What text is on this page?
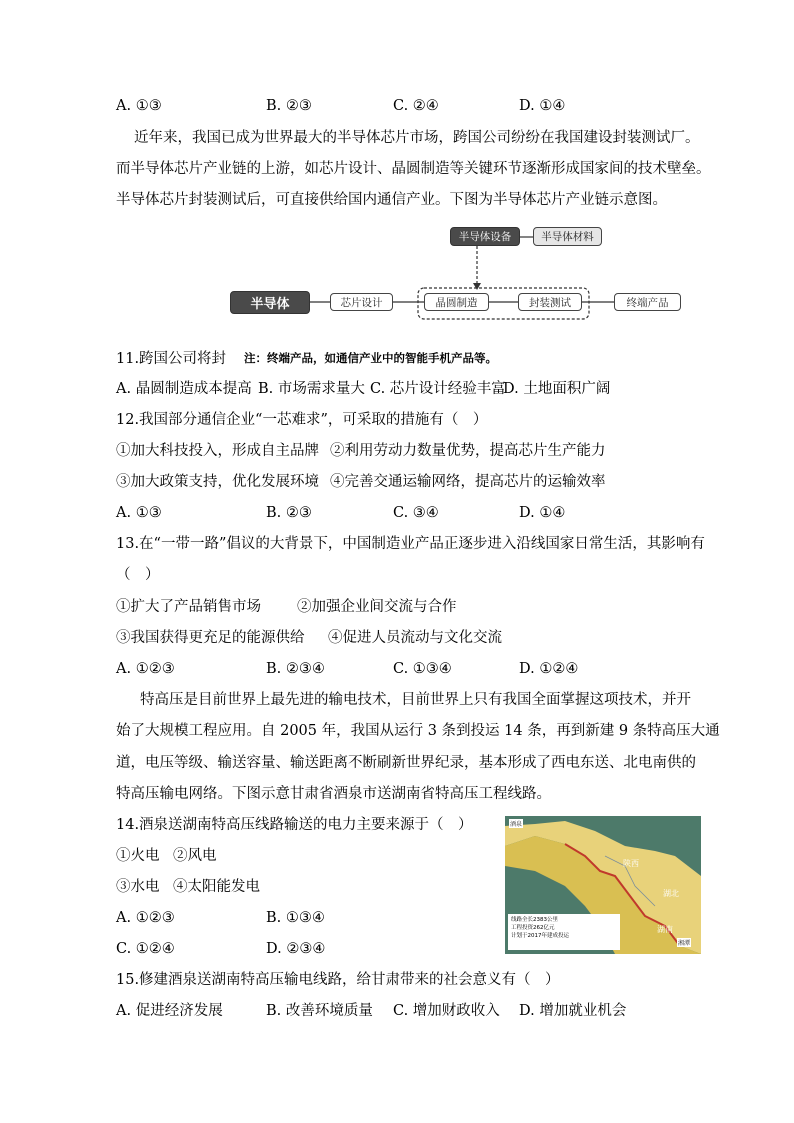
A. ①③	B. ②③	C. ②④	D. ①④
近年来，我国已成为世界最大的半导体芯片市场，跨国公司纷纷在我国建设封装测试厂。
而半导体芯片产业链的上游，如芯片设计、晶圆制造等关键环节逐渐形成国家间的技术壁垒。
半导体芯片封装测试后，可直接供给国内通信产业。下图为半导体芯片产业链示意图。
半导体设备	半导体材料
半导体	芯片设计	晶圆制造	封装测试	终端产品
11.跨国公司将封 注：终端产品，如通信产业中的智能手机产品等。
A. 晶圆制造成本提高 B. 市场需求量大 C. 芯片设计经验丰富
D. 土地面积广阔
12.我国部分通信企业“一芯难求”，可采取的措施有（　）
①加大科技投入，形成自主品牌 ②利用劳动力数量优势，提高芯片生产能力
③加大政策支持，优化发展环境 ④完善交通运输网络，提高芯片的运输效率
A. ①③	B. ②③	C. ③④	D. ①④
13.在“一带一路”倡议的大背景下，中国制造业产品正逐步进入沿线国家日常生活，其影响有
（　）
①扩大了产品销售市场 ②加强企业间交流与合作
③我国获得更充足的能源供给 ④促进人员流动与文化交流
A. ①②③	B. ②③④	C. ①③④	D. ①②④
特高压是目前世界上最先进的输电技术，目前世界上只有我国全面掌握这项技术，并开
始了大规模工程应用。自 2005 年，我国从运行 3 条到投运 14 条，再到新建 9 条特高压大通
道，电压等级、输送容量、输送距离不断刷新世界纪录，基本形成了西电东送、北电南供的
特高压输电网络。下图示意甘肃省酒泉市送湖南省特高压工程线路。
14.酒泉送湖南特高压线路输送的电力主要来源于（　）
①火电 ②风电
③水电 ④太阳能发电
A. ①②③	B. ①③④
C. ①②④	D. ②③④
酒泉
陕西
湖北
湖南
湘潭
线路全长2383公里
工程投资262亿元
计划于2017年建成投运
15.修建酒泉送湖南特高压输电线路，给甘肃带来的社会意义有（　）
A. 促进经济发展	B. 改善环境质量 C. 增加财政收入 D. 增加就业机会
